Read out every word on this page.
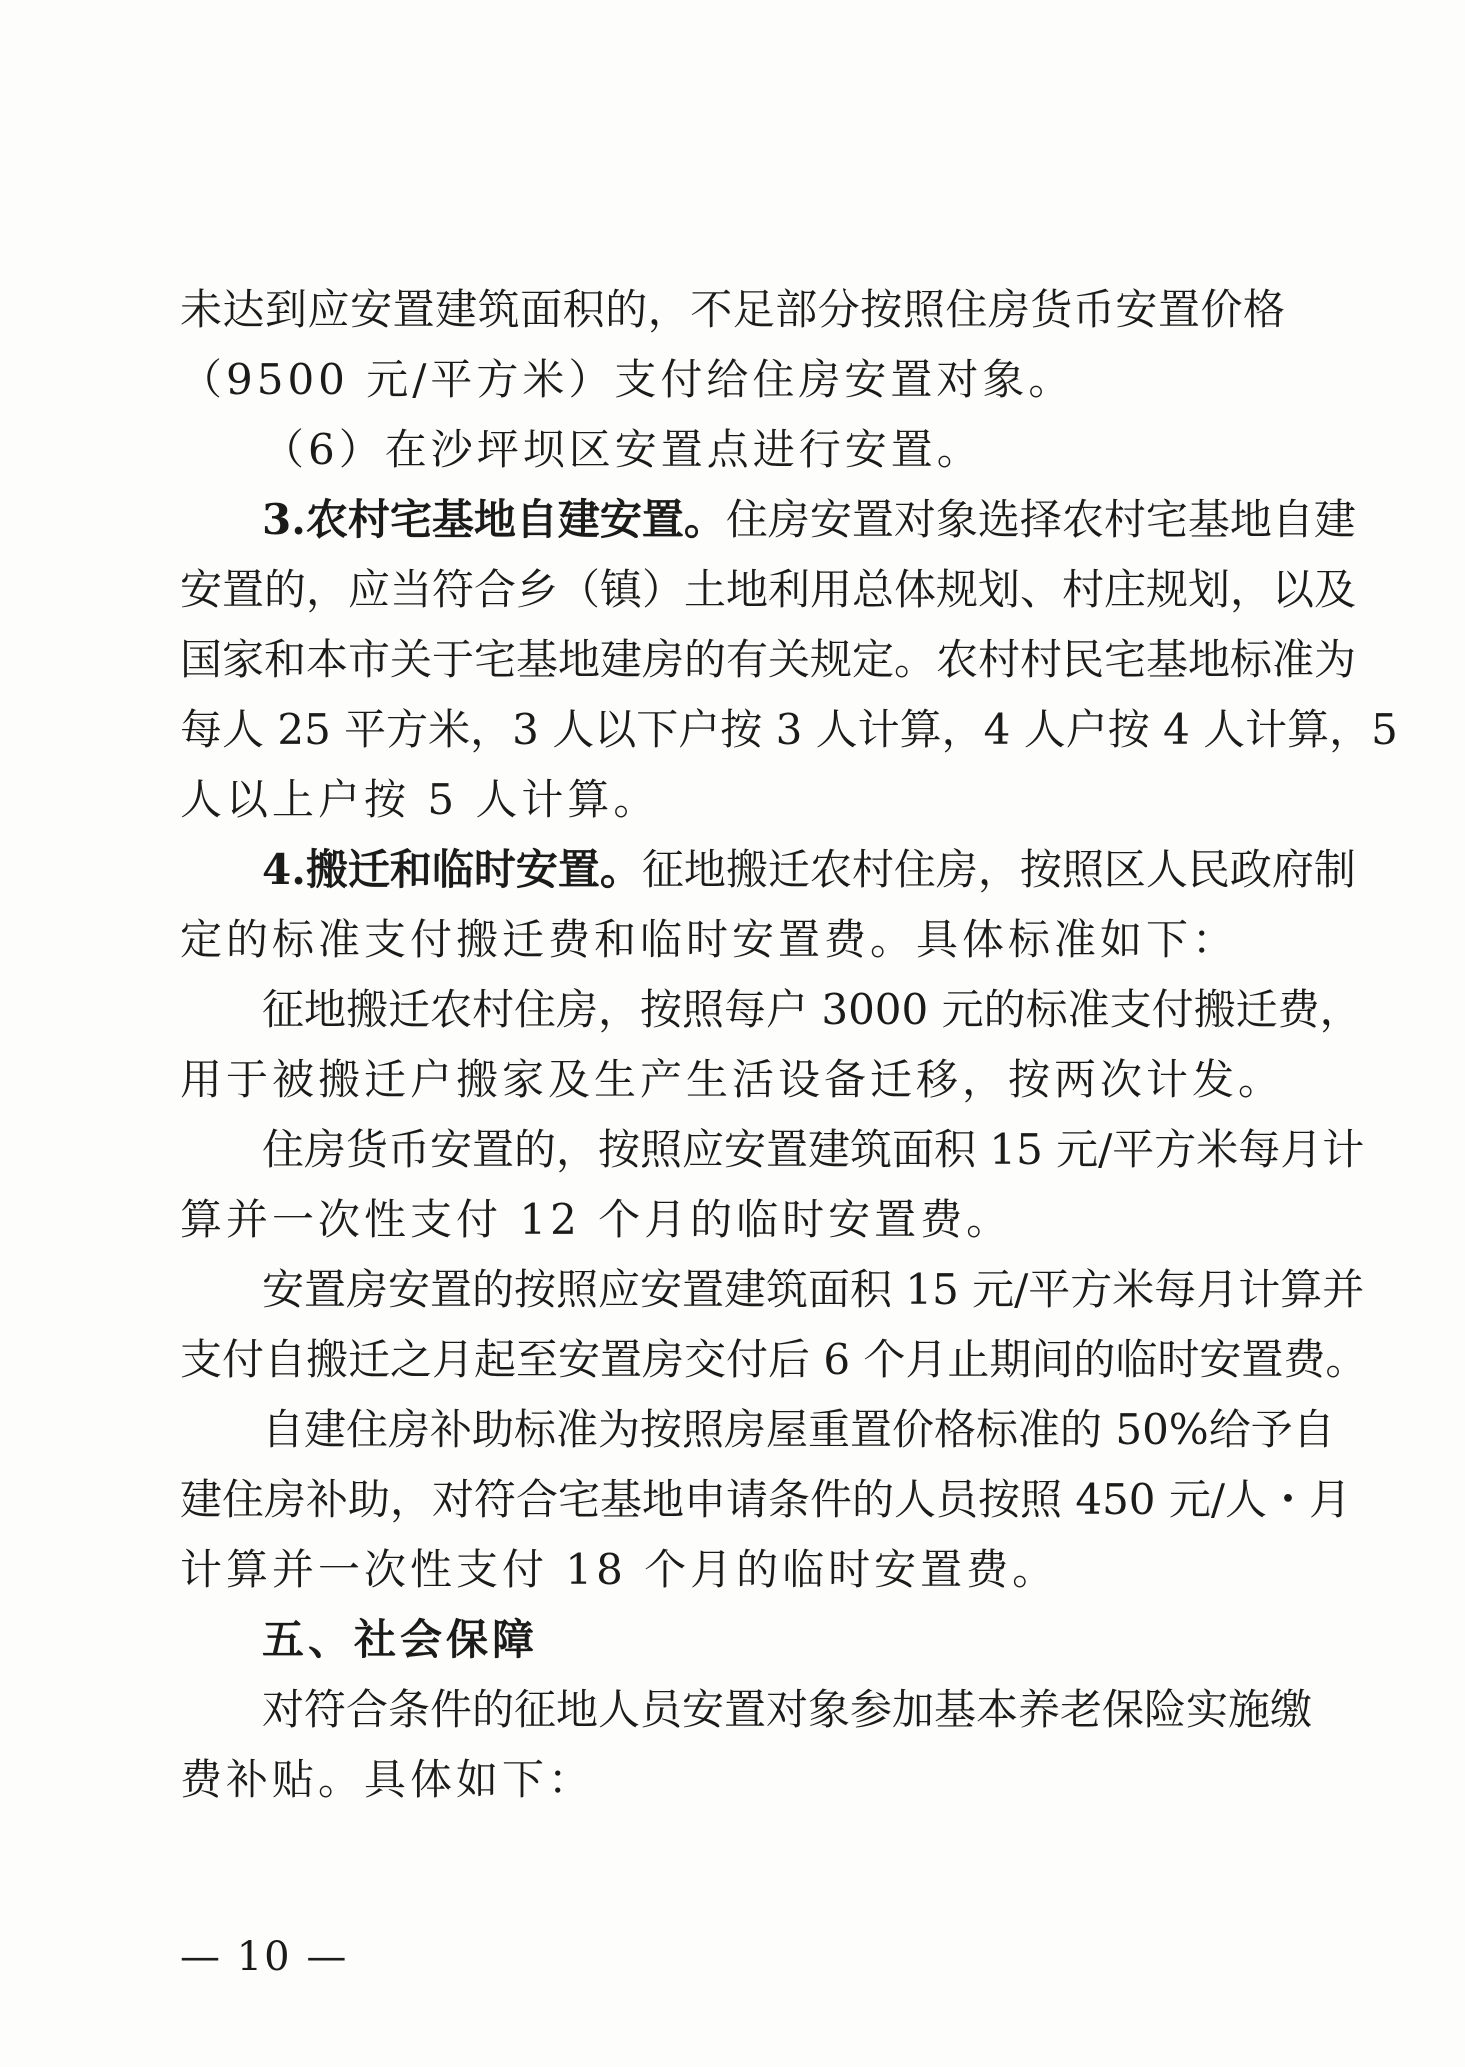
未达到应安置建筑面积的，不足部分按照住房货币安置价格
（9500 元/平方米）支付给住房安置对象。
（6）在沙坪坝区安置点进行安置。
3.农村宅基地自建安置。住房安置对象选择农村宅基地自建
安置的，应当符合乡（镇）土地利用总体规划、村庄规划，以及
国家和本市关于宅基地建房的有关规定。农村村民宅基地标准为
每人 25 平方米，3 人以下户按 3 人计算，4 人户按 4 人计算，5
人以上户按 5 人计算。
4.搬迁和临时安置。征地搬迁农村住房，按照区人民政府制
定的标准支付搬迁费和临时安置费。具体标准如下：
征地搬迁农村住房，按照每户 3000 元的标准支付搬迁费，
用于被搬迁户搬家及生产生活设备迁移，按两次计发。
住房货币安置的，按照应安置建筑面积 15 元/平方米每月计
算并一次性支付 12 个月的临时安置费。
安置房安置的按照应安置建筑面积 15 元/平方米每月计算并
支付自搬迁之月起至安置房交付后 6 个月止期间的临时安置费。
自建住房补助标准为按照房屋重置价格标准的 50%给予自
建住房补助，对符合宅基地申请条件的人员按照 450 元/人・月
计算并一次性支付 18 个月的临时安置费。
五、社会保障
对符合条件的征地人员安置对象参加基本养老保险实施缴
费补贴。具体如下：
— 10 —
